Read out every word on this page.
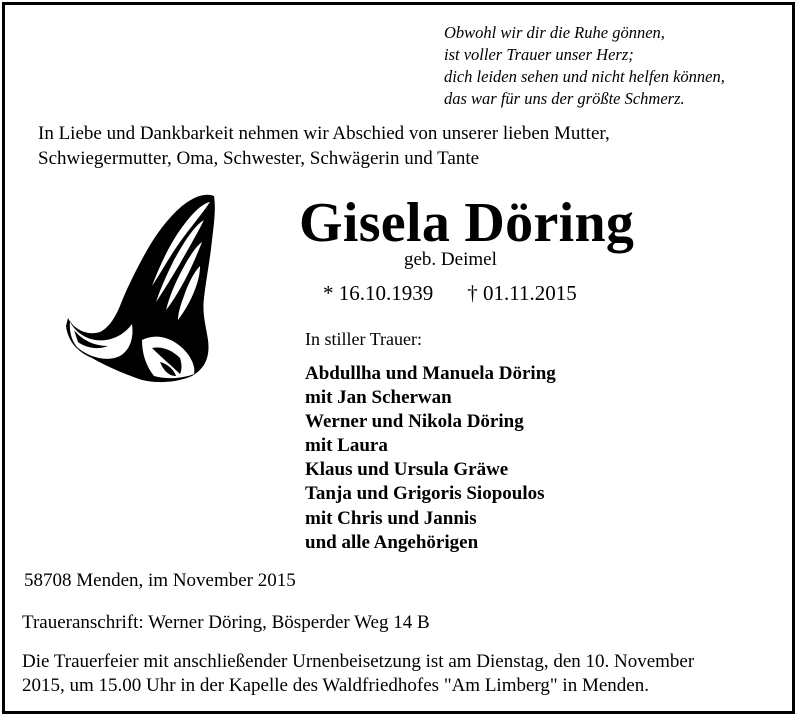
Obwohl wir dir die Ruhe gönnen,
ist voller Trauer unser Herz;
dich leiden sehen und nicht helfen können,
das war für uns der größte Schmerz.
In Liebe und Dankbarkeit nehmen wir Abschied von unserer lieben Mutter,
Schwiegermutter, Oma, Schwester, Schwägerin und Tante
Gisela Döring
geb. Deimel
* 16.10.1939 † 01.11.2015
In stiller Trauer:
Abdullha und Manuela Döring
mit Jan Scherwan
Werner und Nikola Döring
mit Laura
Klaus und Ursula Gräwe
Tanja und Grigoris Siopoulos
mit Chris und Jannis
und alle Angehörigen
58708 Menden, im November 2015
Traueranschrift: Werner Döring, Bösperder Weg 14 B
Die Trauerfeier mit anschließender Urnenbeisetzung ist am Dienstag, den 10. November
2015, um 15.00 Uhr in der Kapelle des Waldfriedhofes "Am Limberg" in Menden.
